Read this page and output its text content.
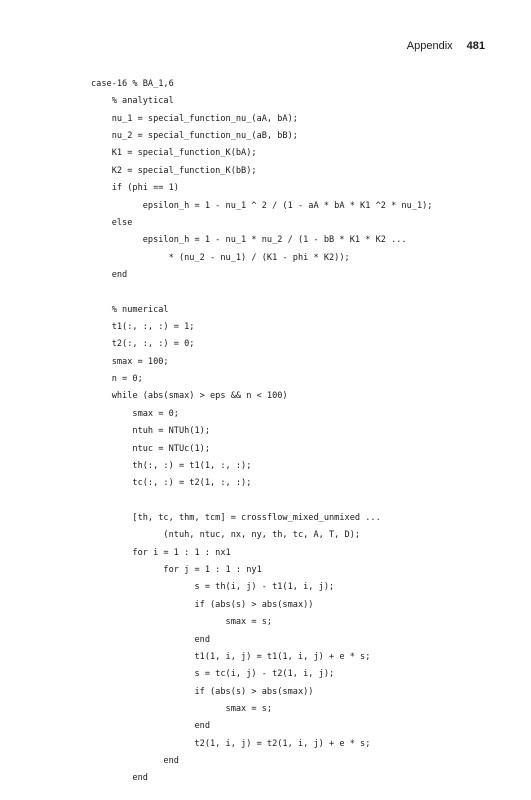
Appendix 481
case-16 % BA_1,6
% analytical
nu_1 = special_function_nu_(aA, bA);
nu_2 = special_function_nu_(aB, bB);
K1 = special_function_K(bA);
K2 = special_function_K(bB);
if (phi == 1)
epsilon_h = 1 - nu_1 ^ 2 / (1 - aA * bA * K1 ^2 * nu_1);
else
epsilon_h = 1 - nu_1 * nu_2 / (1 - bB * K1 * K2 ...
* (nu_2 - nu_1) / (K1 - phi * K2));
end
% numerical
t1(:, :, :) = 1;
t2(:, :, :) = 0;
smax = 100;
n = 0;
while (abs(smax) > eps && n < 100)
smax = 0;
ntuh = NTUh(1);
ntuc = NTUc(1);
th(:, :) = t1(1, :, :);
tc(:, :) = t2(1, :, :);
[th, tc, thm, tcm] = crossflow_mixed_unmixed ...
(ntuh, ntuc, nx, ny, th, tc, A, T, D);
for i = 1 : 1 : nx1
for j = 1 : 1 : ny1
s = th(i, j) - t1(1, i, j);
if (abs(s) > abs(smax))
smax = s;
end
t1(1, i, j) = t1(1, i, j) + e * s;
s = tc(i, j) - t2(1, i, j);
if (abs(s) > abs(smax))
smax = s;
end
t2(1, i, j) = t2(1, i, j) + e * s;
end
end
